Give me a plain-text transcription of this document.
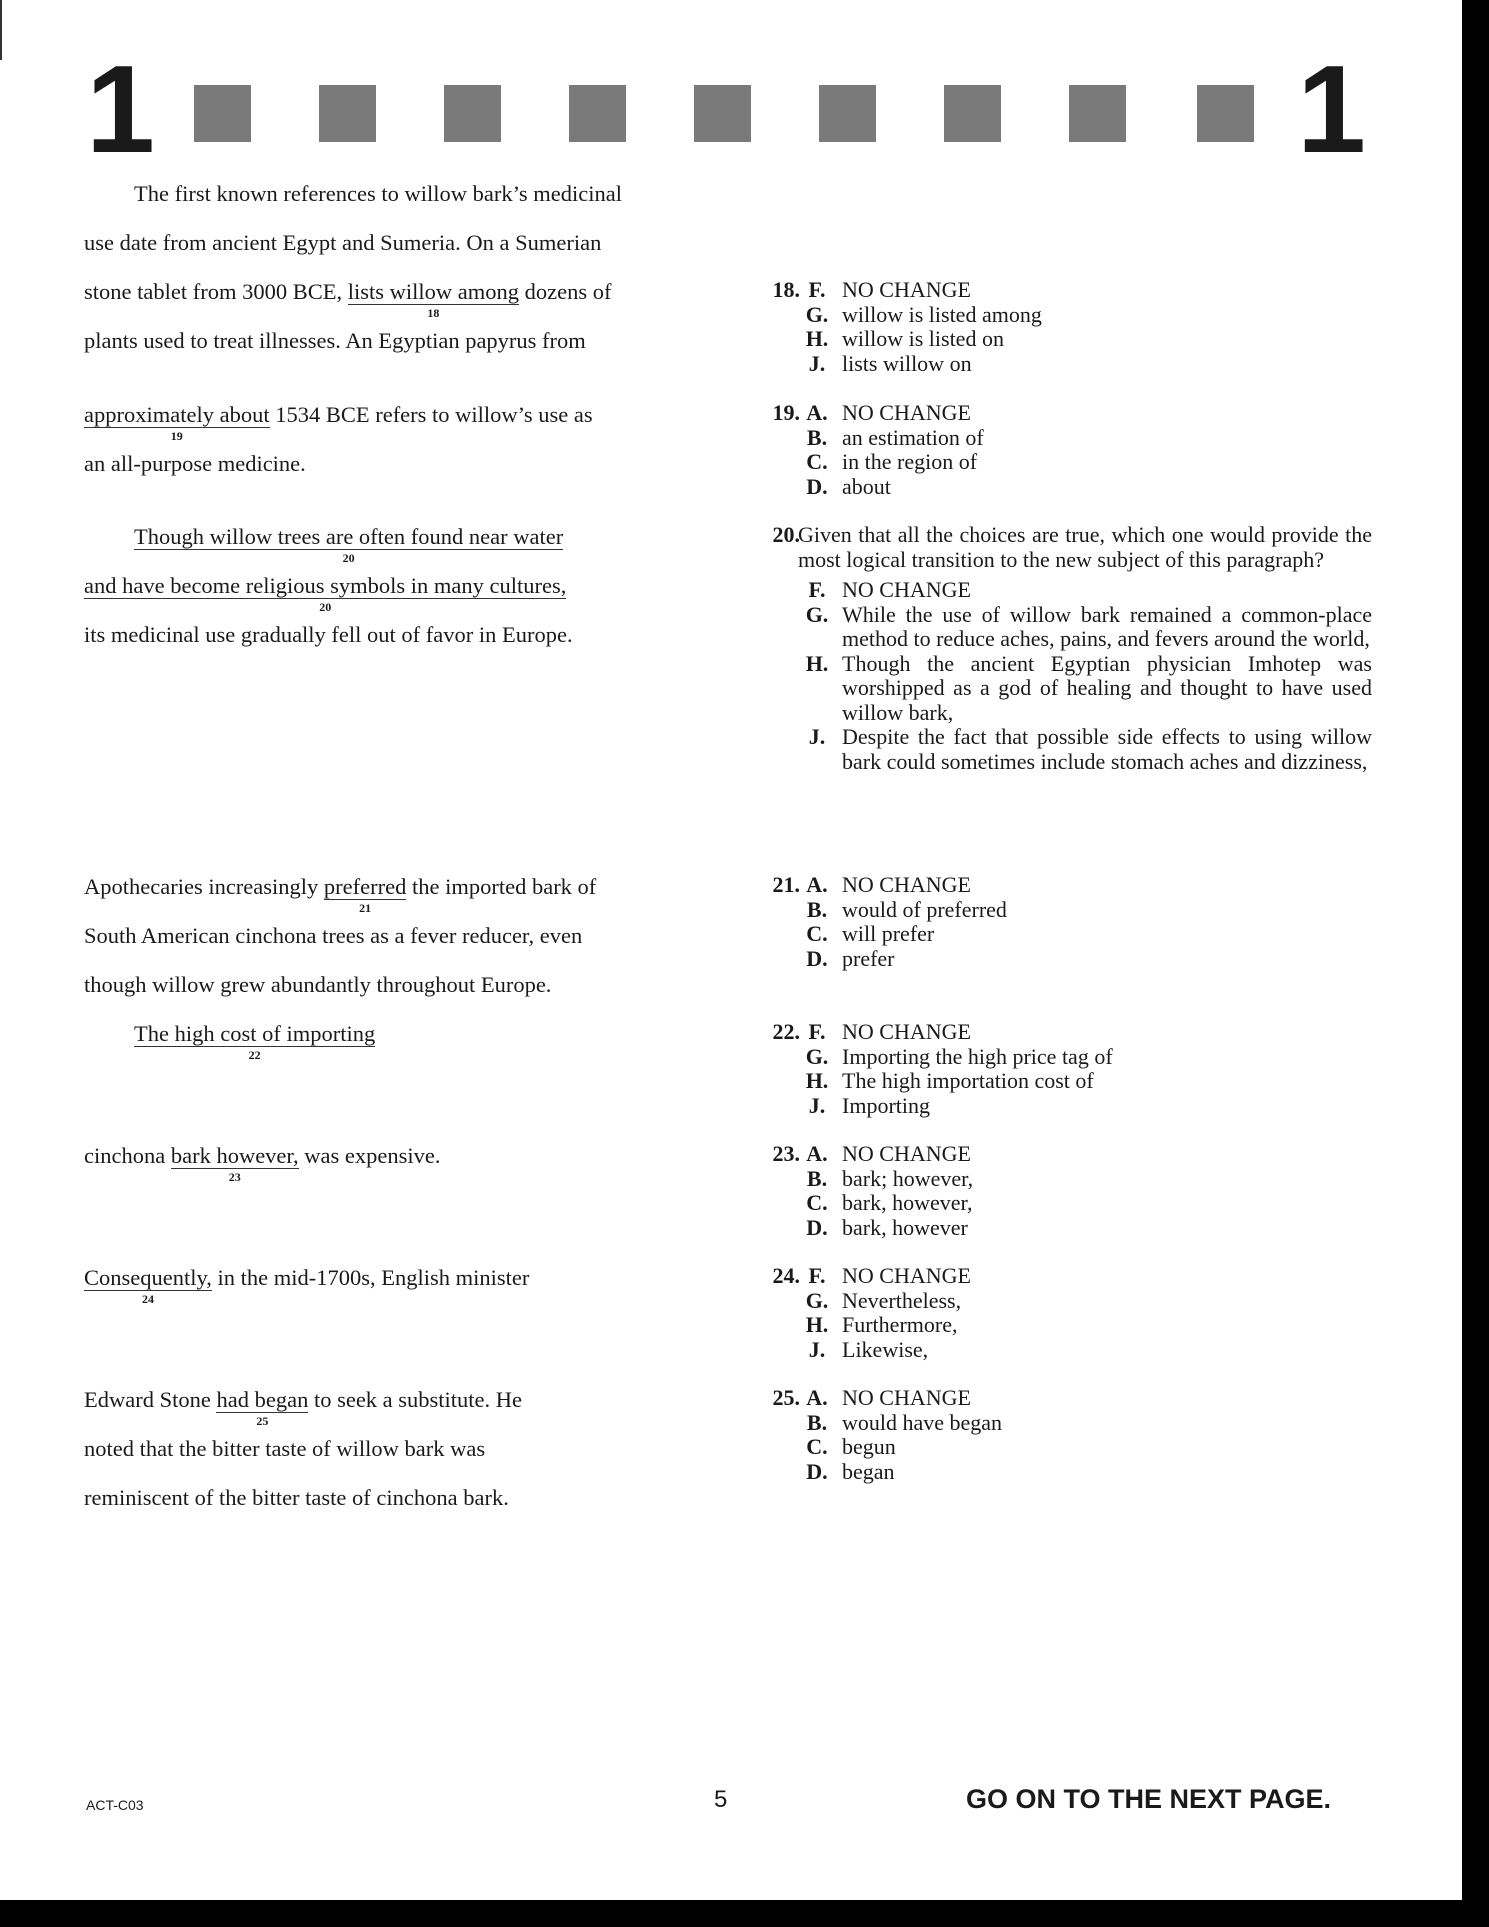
1	1
The first known references to willow bark’s medicinal
use date from ancient Egypt and Sumeria. On a Sumerian
stone tablet from 3000 BCE, lists willow among
18
dozens of
plants used to treat illnesses. An Egyptian papyrus from
approximately about
19
1534 BCE refers to willow’s use as
an all-purpose medicine.
Though willow trees are often found near water
20
and have become religious symbols in many cultures,
20
its medicinal use gradually fell out of favor in Europe.
Apothecaries increasingly preferred
21
the imported bark of
South American cinchona trees as a fever reducer, even
though willow grew abundantly throughout Europe.
The high cost of importing
22
cinchona bark however,
23
was expensive.
Consequently,
24
in the mid-1700s, English minister
Edward Stone had began
25
to seek a substitute. He
noted that the bitter taste of willow bark was
reminiscent of the bitter taste of cinchona bark.
18. F. NO CHANGE
G. willow is listed among
H. willow is listed on
J. lists willow on
19. A. NO CHANGE
B. an estimation of
C. in the region of
D. about
20.
Given that all the choices are true, which one would provide the most logical transition to the new subject of this paragraph?
F. NO CHANGE
G. While the use of willow bark remained a common-place method to reduce aches, pains, and fevers around the world,
H. Though the ancient Egyptian physician Imhotep was worshipped as a god of healing and thought to have used willow bark,
J. Despite the fact that possible side effects to using willow bark could sometimes include stomach aches and dizziness,
21. A. NO CHANGE
B. would of preferred
C. will prefer
D. prefer
22. F. NO CHANGE
G. Importing the high price tag of
H. The high importation cost of
J. Importing
23. A. NO CHANGE
B. bark; however,
C. bark, however,
D. bark, however
24. F. NO CHANGE
G. Nevertheless,
H. Furthermore,
J. Likewise,
25. A. NO CHANGE
B. would have began
C. begun
D. began
ACT-C03	5	GO ON TO THE NEXT PAGE.
